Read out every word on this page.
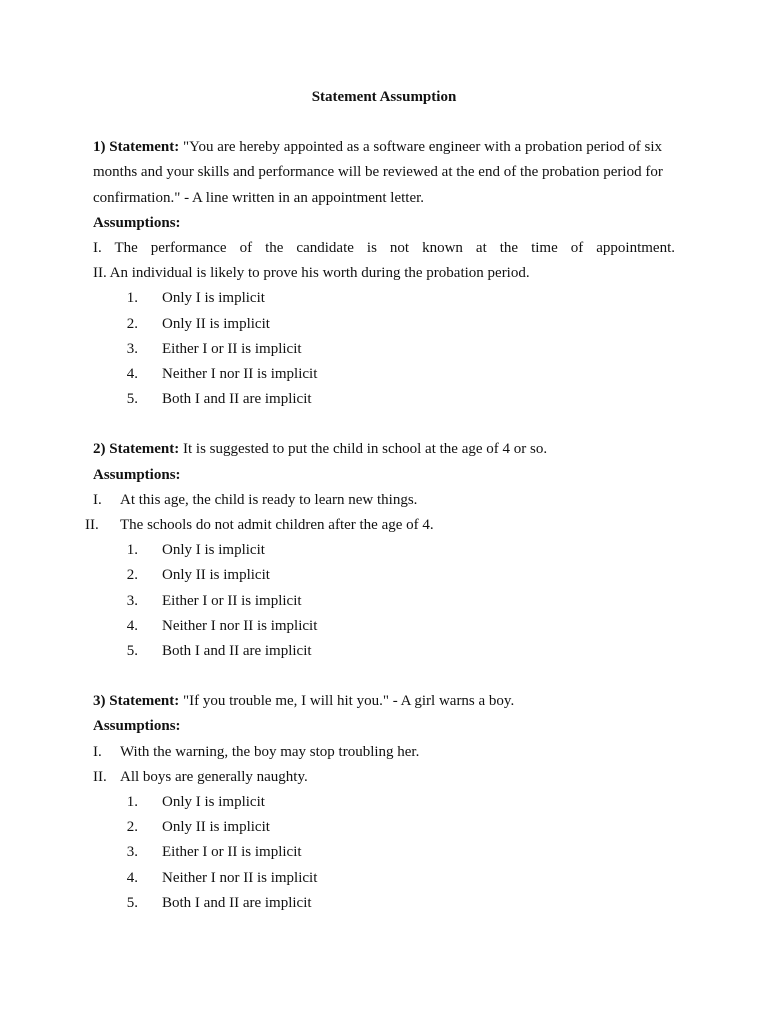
Statement Assumption

1) Statement: "You are hereby appointed as a software engineer with a probation period of six

months and your skills and performance will be reviewed at the end of the probation period for

confirmation." - A line written in an appointment letter.

Assumptions:

I. The performance of the candidate is not known at the time of appointment.

II. An individual is likely to prove his worth during the probation period.

1.	Only I is implicit
2.	Only II is implicit
3.	Either I or II is implicit
4.	Neither I nor II is implicit
5.	Both I and II are implicit

2) Statement: It is suggested to put the child in school at the age of 4 or so.

Assumptions:

I.	At this age, the child is ready to learn new things.

II.	The schools do not admit children after the age of 4.

1.	Only I is implicit
2.	Only II is implicit
3.	Either I or II is implicit
4.	Neither I nor II is implicit
5.	Both I and II are implicit

3) Statement: "If you trouble me, I will hit you." - A girl warns a boy.

Assumptions:

I.	With the warning, the boy may stop troubling her.

II. All boys are generally naughty.

1.	Only I is implicit
2.	Only II is implicit
3.	Either I or II is implicit
4.	Neither I nor II is implicit
5.	Both I and II are implicit
